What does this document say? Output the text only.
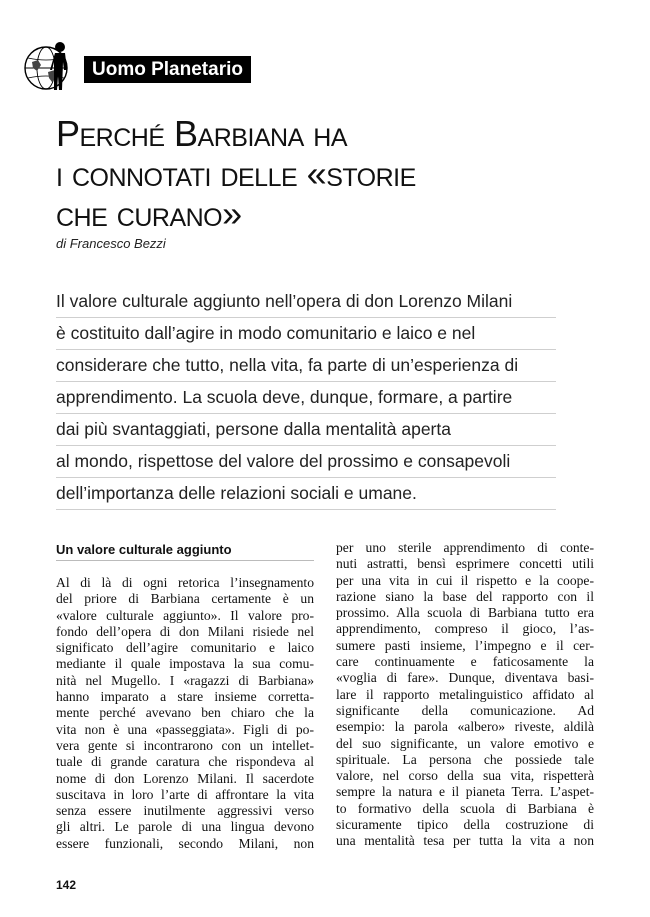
Uomo Planetario
Perché Barbiana ha
i connotati delle «storie
che curano»
di Francesco Bezzi
Il valore culturale aggiunto nell’opera di don Lorenzo Milani
è costituito dall’agire in modo comunitario e laico e nel
considerare che tutto, nella vita, fa parte di un’esperienza di
apprendimento. La scuola deve, dunque, formare, a partire
dai più svantaggiati, persone dalla mentalità aperta
al mondo, rispettose del valore del prossimo e consapevoli
dell’importanza delle relazioni sociali e umane.
Un valore culturale aggiunto
Al di là di ogni retorica l’insegnamento
del priore di Barbiana certamente è un
«valore culturale aggiunto». Il valore pro-
fondo dell’opera di don Milani risiede nel
significato dell’agire comunitario e laico
mediante il quale impostava la sua comu-
nità nel Mugello. I «ragazzi di Barbiana»
hanno imparato a stare insieme corretta-
mente perché avevano ben chiaro che la
vita non è una «passeggiata». Figli di po-
vera gente si incontrarono con un intellet-
tuale di grande caratura che rispondeva al
nome di don Lorenzo Milani. Il sacerdote
suscitava in loro l’arte di affrontare la vita
senza essere inutilmente aggressivi verso
gli altri. Le parole di una lingua devono
essere funzionali, secondo Milani, non
per uno sterile apprendimento di conte-
nuti astratti, bensì esprimere concetti utili
per una vita in cui il rispetto e la coope-
razione siano la base del rapporto con il
prossimo. Alla scuola di Barbiana tutto era
apprendimento, compreso il gioco, l’as-
sumere pasti insieme, l’impegno e il cer-
care continuamente e faticosamente la
«voglia di fare». Dunque, diventava basi-
lare il rapporto metalinguistico affidato al
significante della comunicazione. Ad
esempio: la parola «albero» riveste, aldilà
del suo significante, un valore emotivo e
spirituale. La persona che possiede tale
valore, nel corso della sua vita, rispetterà
sempre la natura e il pianeta Terra. L’aspet-
to formativo della scuola di Barbiana è
sicuramente tipico della costruzione di
una mentalità tesa per tutta la vita a non
142
